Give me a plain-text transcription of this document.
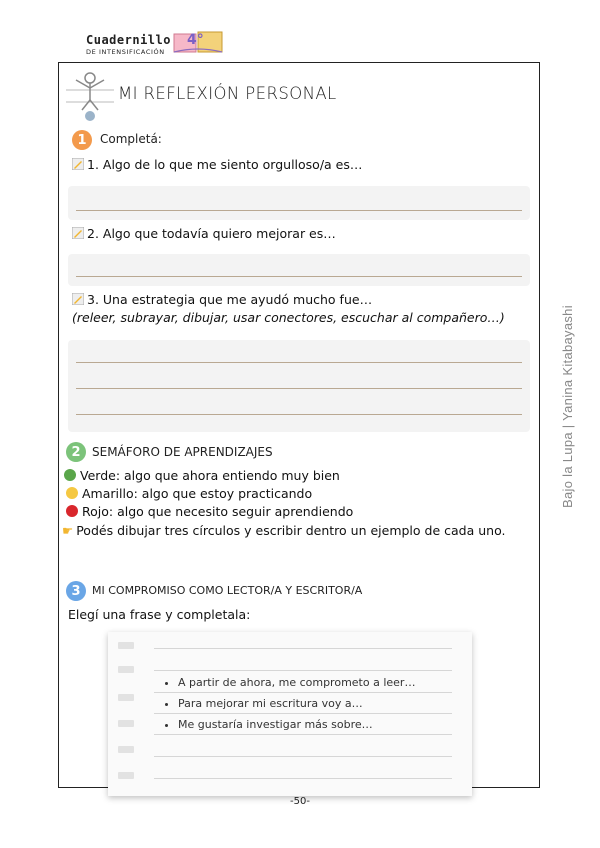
Cuadernillo
DE INTENSIFICACIÓN
4°
Bajo la Lupa | Yanina Kitabayashi
MI REFLEXIÓN PERSONAL
1	Completá:
1. Algo de lo que me siento orgulloso/a es…
2. Algo que todavía quiero mejorar es…
3. Una estrategia que me ayudó mucho fue…
(releer, subrayar, dibujar, usar conectores, escuchar al compañero…)
2 SEMÁFORO DE APRENDIZAJES
Verde: algo que ahora entiendo muy bien
Amarillo: algo que estoy practicando
Rojo: algo que necesito seguir aprendiendo
☛ Podés dibujar tres círculos y escribir dentro un ejemplo de cada uno.
3	MI COMPROMISO COMO LECTOR/A Y ESCRITOR/A
Elegí una frase y completala:
• A partir de ahora, me comprometo a leer…
• Para mejorar mi escritura voy a…
• Me gustaría investigar más sobre…
-50-
